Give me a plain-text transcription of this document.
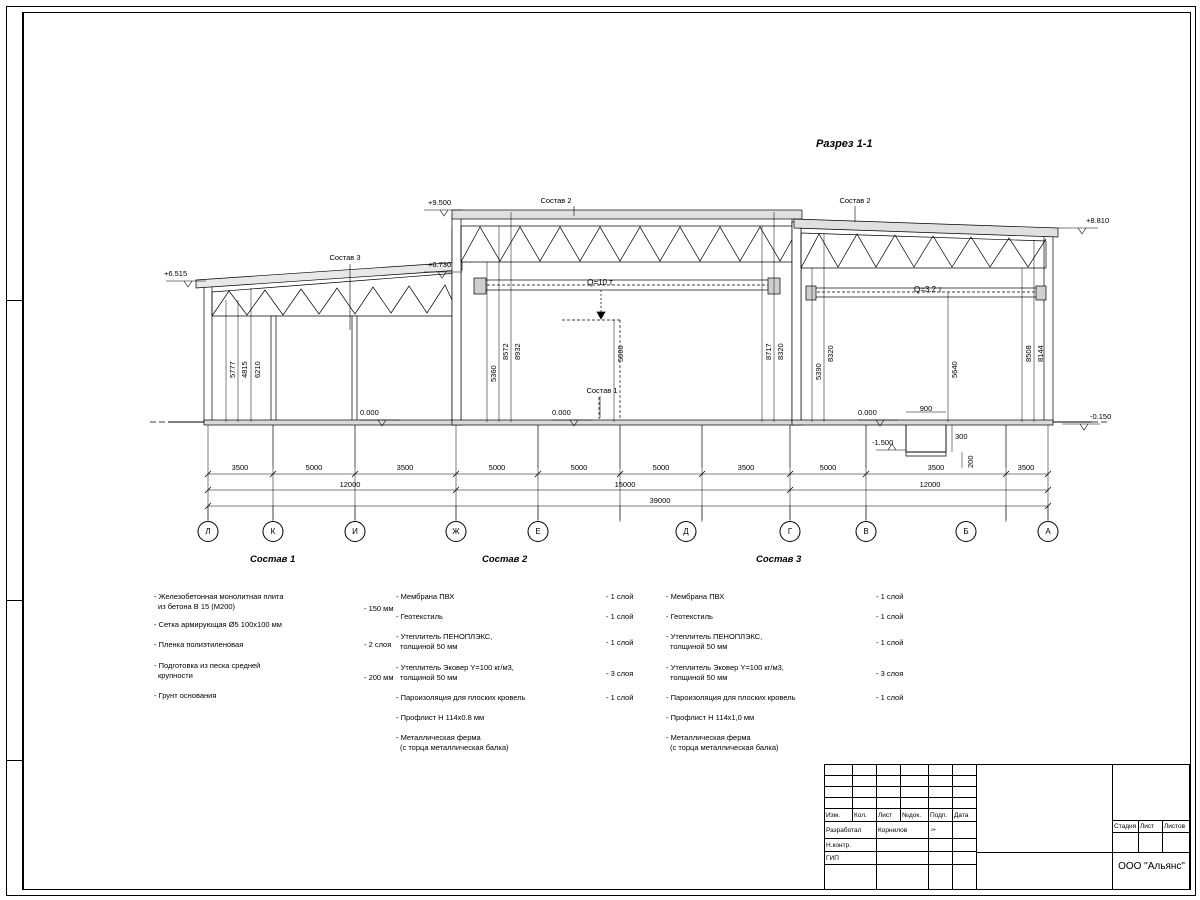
Разрез 1-1
+9.500
+8.810
+6.730
+6.515
0.000	0.000	0.000	-0.150
-1.500
Состав 2	Состав 2
Состав 3
Состав 1
Q=10 т
Q=3.2 т
5777 4815 6210	5360
8572 8932	5000	8717 8320
5390
8320
5640
8508 8144
900
300
200
3500	5000	3500	5000	5000	5000	3500	5000	3500	3500
12000	15000	12000
39000
Л	К	И	Ж	Е	Д	Г	В	Б	А
Состав 1
- Железобетонная монолитная плита
из бетона В 15 (М200)	- 150 мм
- Сетка армирующая Ø5 100x100 мм
- Пленка полиэтиленовая	- 2 слоя
- Подготовка из песка средней
крупности	- 200 мм
- Грунт основания
Состав 2
- Мембрана ПВХ	- 1 слой
- Геотекстиль	- 1 слой
- Утеплитель ПЕНОПЛЭКС,
толщиной 50 мм	- 1 слой
- Утеплитель Эковер Y=100 кг/м3,
толщиной 50 мм	- 3 слоя
- Пароизоляция для плоских кровель	- 1 слой
- Профлист Н 114х0.8 мм
- Металлическая ферма
(с торца металлическая балка)
Состав 3
- Мембрана ПВХ	- 1 слой
- Геотекстиль	- 1 слой
- Утеплитель ПЕНОПЛЭКС,
толщиной 50 мм	- 1 слой
- Утеплитель Эковер Y=100 кг/м3,
толщиной 50 мм	- 3 слоя
- Пароизоляция для плоских кровель	- 1 слой
- Профлист Н 114х1,0 мм
- Металлическая ферма
(с торца металлическая балка)
Изм.	Кол.	Лист	№док.	Подп.	Дата
Разработал	Корнилов	✑
Н.контр.
ГИП
Стадия Лист	Листов
ООО "Альянс"
